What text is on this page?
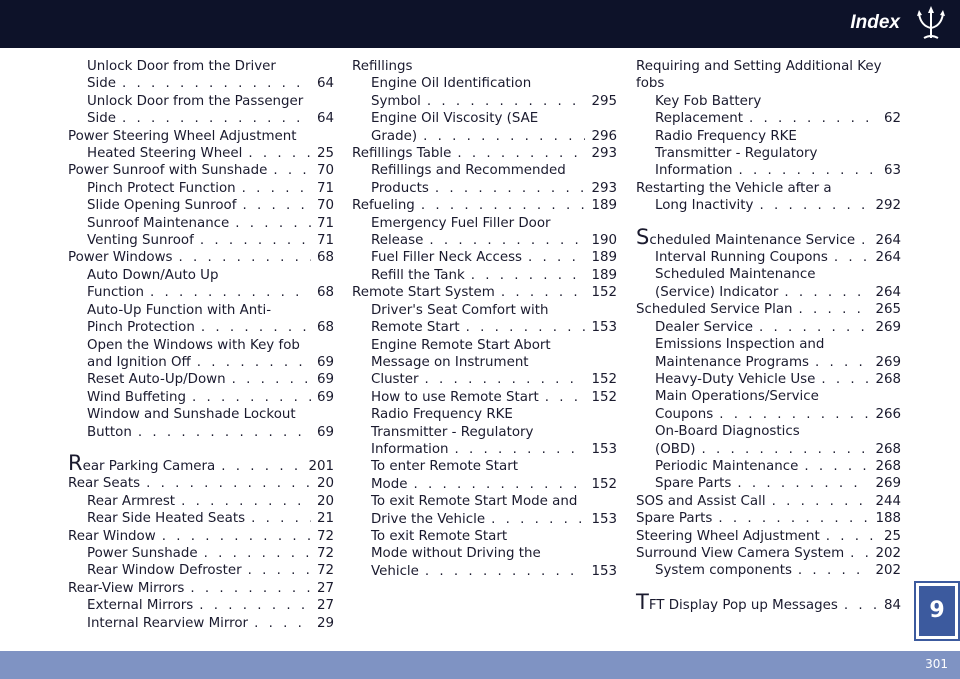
Index
Unlock Door from the Driver
Side . . .	64
Unlock Door from the Passenger
Side . . .	64
Power Steering Wheel Adjustment
Heated Steering Wheel . . .	25
Power Sunroof with Sunshade . . .	70
Pinch Protect Function . . .	71
Slide Opening Sunroof . . .	70
Sunroof Maintenance . . .	71
Venting Sunroof . . .	71
Power Windows . . .	68
Auto Down/Auto Up
Function . . .	68
Auto-Up Function with Anti-
Pinch Protection . . .	68
Open the Windows with Key fob
and Ignition Off . . .	69
Reset Auto-Up/Down . . .	69
Wind Buffeting . . .	69
Window and Sunshade Lockout
Button . . .	69
Rear Parking Camera . . .	201
Rear Seats . . .	20
Rear Armrest . . .	20
Rear Side Heated Seats . . .	21
Rear Window . . .	72
Power Sunshade . . .	72
Rear Window Defroster . . .	72
Rear-View Mirrors . . .	27
External Mirrors . . .	27
Internal Rearview Mirror . . .	29
Refillings
Engine Oil Identification
Symbol . . .	295
Engine Oil Viscosity (SAE
Grade) . . .	296
Refillings Table . . .	293
Refillings and Recommended
Products . . .	293
Refueling . . .	189
Emergency Fuel Filler Door
Release . . .	190
Fuel Filler Neck Access . . .	189
Refill the Tank . . .	189
Remote Start System . . .	152
Driver's Seat Comfort with
Remote Start . . .	153
Engine Remote Start Abort
Message on Instrument
Cluster . . .	152
How to use Remote Start . . .	152
Radio Frequency RKE
Transmitter - Regulatory
Information . . .	153
To enter Remote Start
Mode . . .	152
To exit Remote Start Mode and
Drive the Vehicle . . .	153
To exit Remote Start
Mode without Driving the
Vehicle . . .	153
Requiring and Setting Additional Key
fobs
Key Fob Battery
Replacement . . .	62
Radio Frequency RKE
Transmitter - Regulatory
Information . . .	63
Restarting the Vehicle after a
Long Inactivity . . .	292
Scheduled Maintenance Service . . . 264
Interval Running Coupons . . .	264
Scheduled Maintenance
(Service) Indicator . . .	264
Scheduled Service Plan . . .	265
Dealer Service . . .	269
Emissions Inspection and
Maintenance Programs . . .	269
Heavy-Duty Vehicle Use . . .	268
Main Operations/Service
Coupons . . .	266
On-Board Diagnostics
(OBD) . . .	268
Periodic Maintenance . . .	268
Spare Parts . . .	269
SOS and Assist Call . . .	244
Spare Parts . . .	188
Steering Wheel Adjustment . . .	25
Surround View Camera System . . . 202
System components . . .	202
TFT Display Pop up Messages . . .	84	9
301
